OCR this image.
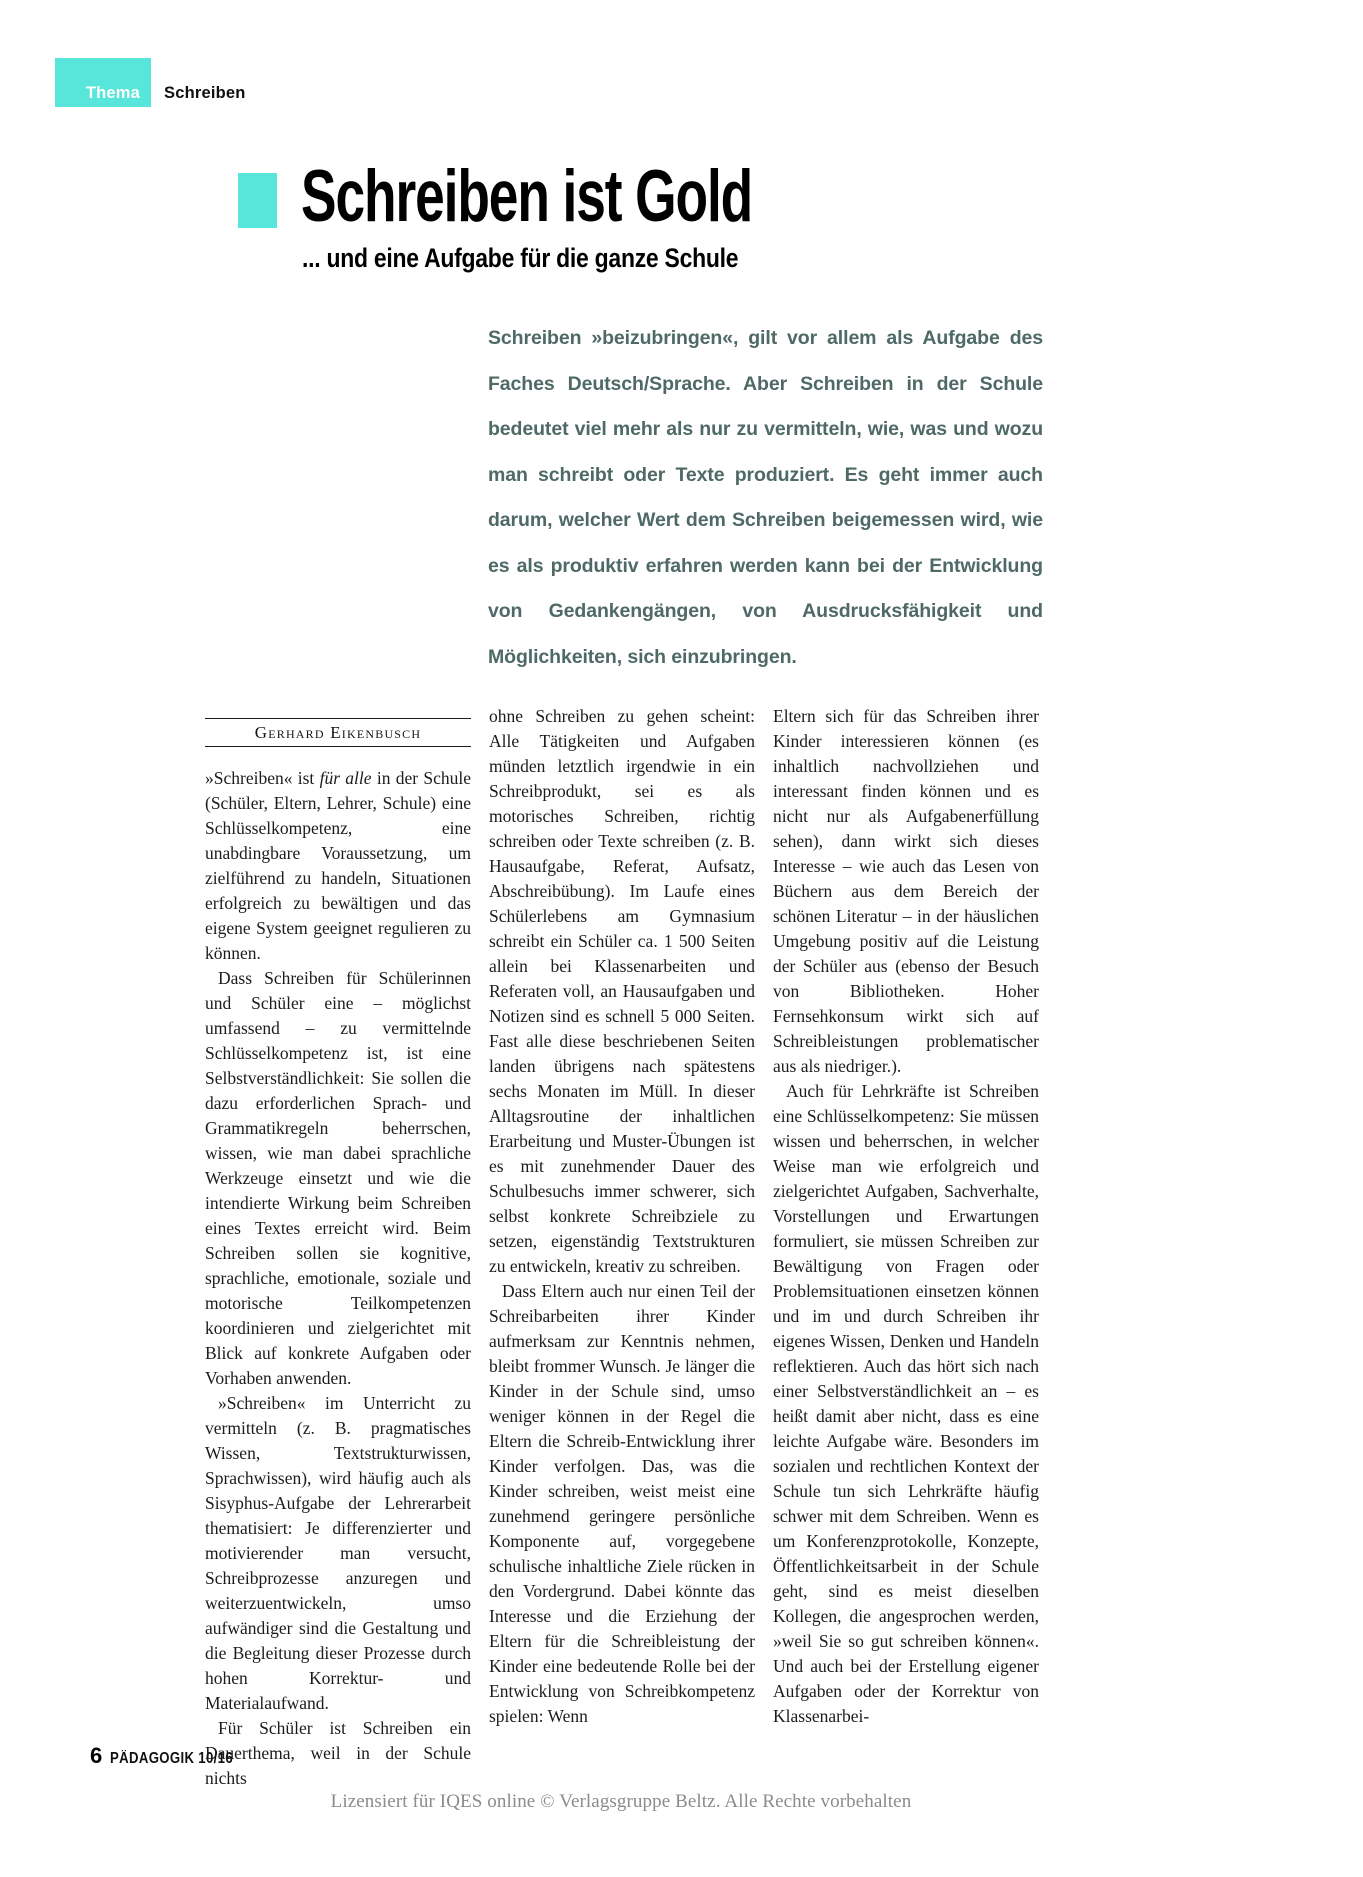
Thema Schreiben
Schreiben ist Gold
... und eine Aufgabe für die ganze Schule

Schreiben »beizubringen«, gilt vor allem als Aufgabe des Faches Deutsch/Sprache. Aber Schreiben in der Schule bedeutet viel mehr als nur zu vermitteln, wie, was und wozu man schreibt oder Texte produziert. Es geht immer auch darum, welcher Wert dem Schreiben beigemessen wird, wie es als produktiv erfahren werden kann bei der Entwicklung von Gedankengängen, von Ausdrucksfähigkeit und Möglichkeiten, sich einzubringen.

Gerhard Eikenbusch

»Schreiben« ist für alle in der Schule (Schüler, Eltern, Lehrer, Schule) eine Schlüsselkompetenz, eine unabdingbare Voraussetzung, um zielführend zu handeln, Situationen erfolgreich zu bewältigen und das eigene System geeignet regulieren zu können.

Dass Schreiben für Schülerinnen und Schüler eine – möglichst umfassend – zu vermittelnde Schlüsselkompetenz ist, ist eine Selbstverständlichkeit: Sie sollen die dazu erforderlichen Sprach- und Grammatikregeln beherrschen, wissen, wie man dabei sprachliche Werkzeuge einsetzt und wie die intendierte Wirkung beim Schreiben eines Textes erreicht wird. Beim Schreiben sollen sie kognitive, sprachliche, emotionale, soziale und motorische Teilkompetenzen koordinieren und zielgerichtet mit Blick auf konkrete Aufgaben oder Vorhaben anwenden.

»Schreiben« im Unterricht zu vermitteln (z. B. pragmatisches Wissen, Textstrukturwissen, Sprachwissen), wird häufig auch als Sisyphus-Aufgabe der Lehrerarbeit thematisiert: Je differenzierter und motivierender man versucht, Schreibprozesse anzuregen und weiterzuentwickeln, umso aufwändiger sind die Gestaltung und die Begleitung dieser Prozesse durch hohen Korrektur- und Materialaufwand.

Für Schüler ist Schreiben ein Dauerthema, weil in der Schule nichts

ohne Schreiben zu gehen scheint: Alle Tätigkeiten und Aufgaben münden letztlich irgendwie in ein Schreibprodukt, sei es als motorisches Schreiben, richtig schreiben oder Texte schreiben (z. B. Hausaufgabe, Referat, Aufsatz, Abschreibübung). Im Laufe eines Schülerlebens am Gymnasium schreibt ein Schüler ca. 1 500 Seiten allein bei Klassenarbeiten und Referaten voll, an Hausaufgaben und Notizen sind es schnell 5 000 Seiten. Fast alle diese beschriebenen Seiten landen übrigens nach spätestens sechs Monaten im Müll. In dieser Alltagsroutine der inhaltlichen Erarbeitung und Muster-Übungen ist es mit zunehmender Dauer des Schulbesuchs immer schwerer, sich selbst konkrete Schreibziele zu setzen, eigenständig Textstrukturen zu entwickeln, kreativ zu schreiben.

Dass Eltern auch nur einen Teil der Schreibarbeiten ihrer Kinder aufmerksam zur Kenntnis nehmen, bleibt frommer Wunsch. Je länger die Kinder in der Schule sind, umso weniger können in der Regel die Eltern die Schreib-Entwicklung ihrer Kinder verfolgen. Das, was die Kinder schreiben, weist meist eine zunehmend geringere persönliche Komponente auf, vorgegebene schulische inhaltliche Ziele rücken in den Vordergrund. Dabei könnte das Interesse und die Erziehung der Eltern für die Schreibleistung der Kinder eine bedeutende Rolle bei der Entwicklung von Schreibkompetenz spielen: Wenn

Eltern sich für das Schreiben ihrer Kinder interessieren können (es inhaltlich nachvollziehen und interessant finden können und es nicht nur als Aufgabenerfüllung sehen), dann wirkt sich dieses Interesse – wie auch das Lesen von Büchern aus dem Bereich der schönen Literatur – in der häuslichen Umgebung positiv auf die Leistung der Schüler aus (ebenso der Besuch von Bibliotheken. Hoher Fernsehkonsum wirkt sich auf Schreibleistungen problematischer aus als niedriger.).

Auch für Lehrkräfte ist Schreiben eine Schlüsselkompetenz: Sie müssen wissen und beherrschen, in welcher Weise man wie erfolgreich und zielgerichtet Aufgaben, Sachverhalte, Vorstellungen und Erwartungen formuliert, sie müssen Schreiben zur Bewältigung von Fragen oder Problemsituationen einsetzen können und im und durch Schreiben ihr eigenes Wissen, Denken und Handeln reflektieren. Auch das hört sich nach einer Selbstverständlichkeit an – es heißt damit aber nicht, dass es eine leichte Aufgabe wäre. Besonders im sozialen und rechtlichen Kontext der Schule tun sich Lehrkräfte häufig schwer mit dem Schreiben. Wenn es um Konferenzprotokolle, Konzepte, Öffentlichkeitsarbeit in der Schule geht, sind es meist dieselben Kollegen, die angesprochen werden, »weil Sie so gut schreiben können«. Und auch bei der Erstellung eigener Aufgaben oder der Korrektur von Klassenarbei-

6 PÄDAGOGIK 10/16
Lizensiert für IQES online © Verlagsgruppe Beltz. Alle Rechte vorbehalten
